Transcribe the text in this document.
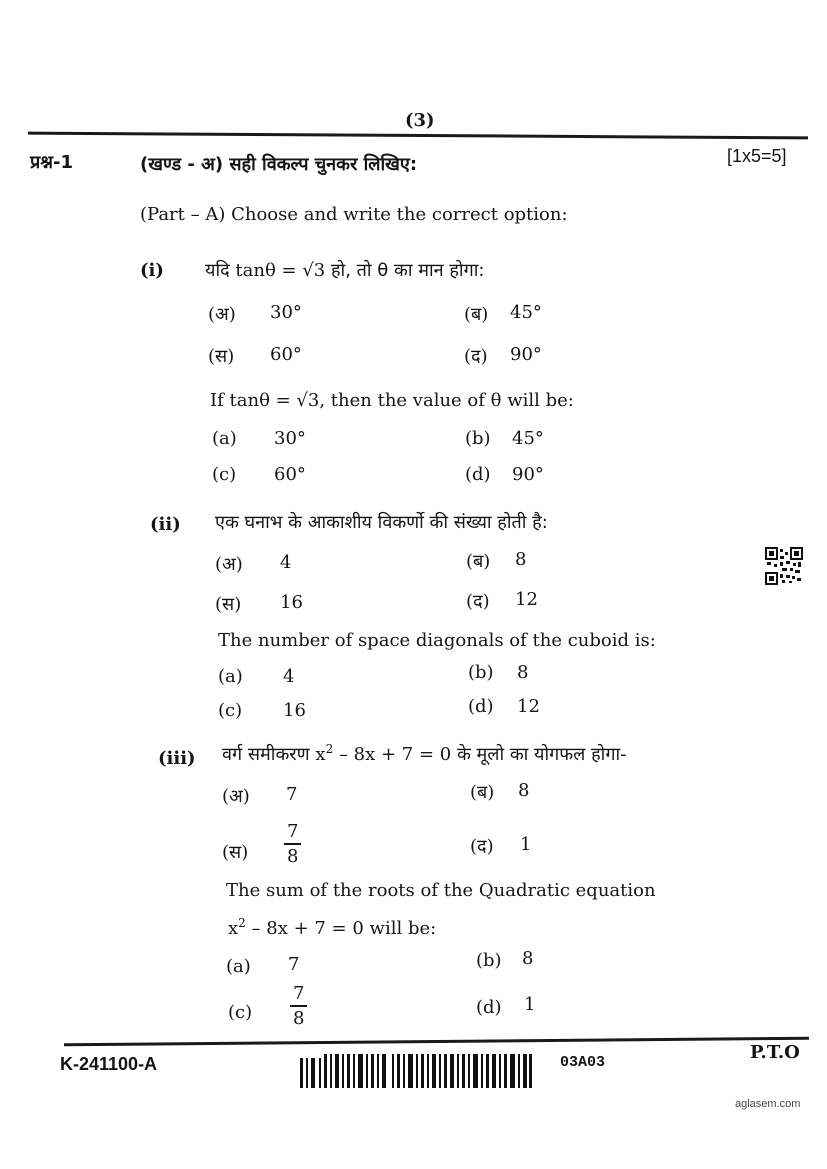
(3)
प्रश्न-1	(खण्ड - अ) सही विकल्प चुनकर लिखिए:	[1x5=5]
(Part – A) Choose and write the correct option:
(i) यदि tanθ = √3 हो, तो θ का मान होगा:
(अ) 30°	(ब) 45°
(स) 60°	(द) 90°
If tanθ = √3, then the value of θ will be:
(a) 30°	(b) 45°
(c) 60°	(d) 90°
(ii) एक घनाभ के आकाशीय विकर्णो की संख्या होती है:
(अ) 4	(ब) 8
(स) 16	(द) 12
The number of space diagonals of the cuboid is:
(a) 4	(b) 8
(c) 16	(d) 12
(iii) वर्ग समीकरण $x^2 - 8x + 7 = 0$ के मूलो का योगफल होगा-
(अ) 7	(ब) 8
(स) $\frac{7}{8}$	(द) 1
The sum of the roots of the Quadratic equation
$x^2 - 8x + 7 = 0$ will be:
(a) 7	(b) 8
$(c) \frac{7}{8}$	(d) 1
K-241100-A	03A03	P.T.O
aglasem.com
